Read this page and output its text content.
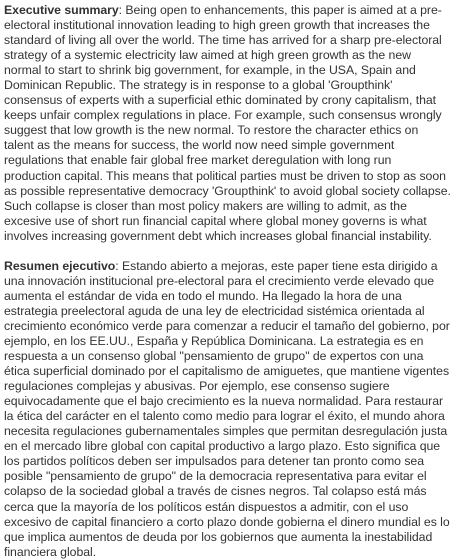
Executive summary: Being open to enhancements, this paper is aimed at a pre-electoral institutional innovation leading to high green growth that increases the standard of living all over the world. The time has arrived for a sharp pre-electoral strategy of a systemic electricity law aimed at high green growth as the new normal to start to shrink big government, for example, in the USA, Spain and Dominican Republic. The strategy is in response to a global 'Groupthink' consensus of experts with a superficial ethic dominated by crony capitalism, that keeps unfair complex regulations in place. For example, such consensus wrongly suggest that low growth is the new normal. To restore the character ethics on talent as the means for success, the world now need simple government regulations that enable fair global free market deregulation with long run production capital. This means that political parties must be driven to stop as soon as possible representative democracy 'Groupthink' to avoid global society collapse. Such collapse is closer than most policy makers are willing to admit, as the excesive use of short run financial capital where global money governs is what involves increasing government debt which increases global financial instability.

Resumen ejecutivo: Estando abierto a mejoras, este paper tiene esta dirigido a una innovación institucional pre-electoral para el crecimiento verde elevado que aumenta el estándar de vida en todo el mundo. Ha llegado la hora de una estrategia preelectoral aguda de una ley de electricidad sistémica orientada al crecimiento económico verde para comenzar a reducir el tamaño del gobierno, por ejemplo, en los EE.UU., España y República Dominicana. La estrategia es en respuesta a un consenso global "pensamiento de grupo" de expertos con una ética superficial dominado por el capitalismo de amiguetes, que mantiene vigentes regulaciones complejas y abusivas. Por ejemplo, ese consenso sugiere equivocadamente que el bajo crecimiento es la nueva normalidad. Para restaurar la ética del carácter en el talento como medio para lograr el éxito, el mundo ahora necesita regulaciones gubernamentales simples que permitan desregulación justa en el mercado libre global con capital productivo a largo plazo. Esto significa que los partidos políticos deben ser impulsados para detener tan pronto como sea posible "pensamiento de grupo" de la democracia representativa para evitar el colapso de la sociedad global a través de cisnes negros. Tal colapso está más cerca que la mayoría de los políticos están dispuestos a admitir, con el uso excesivo de capital financiero a corto plazo donde gobierna el dinero mundial es lo que implica aumentos de deuda por los gobiernos que aumenta la inestabilidad financiera global.
